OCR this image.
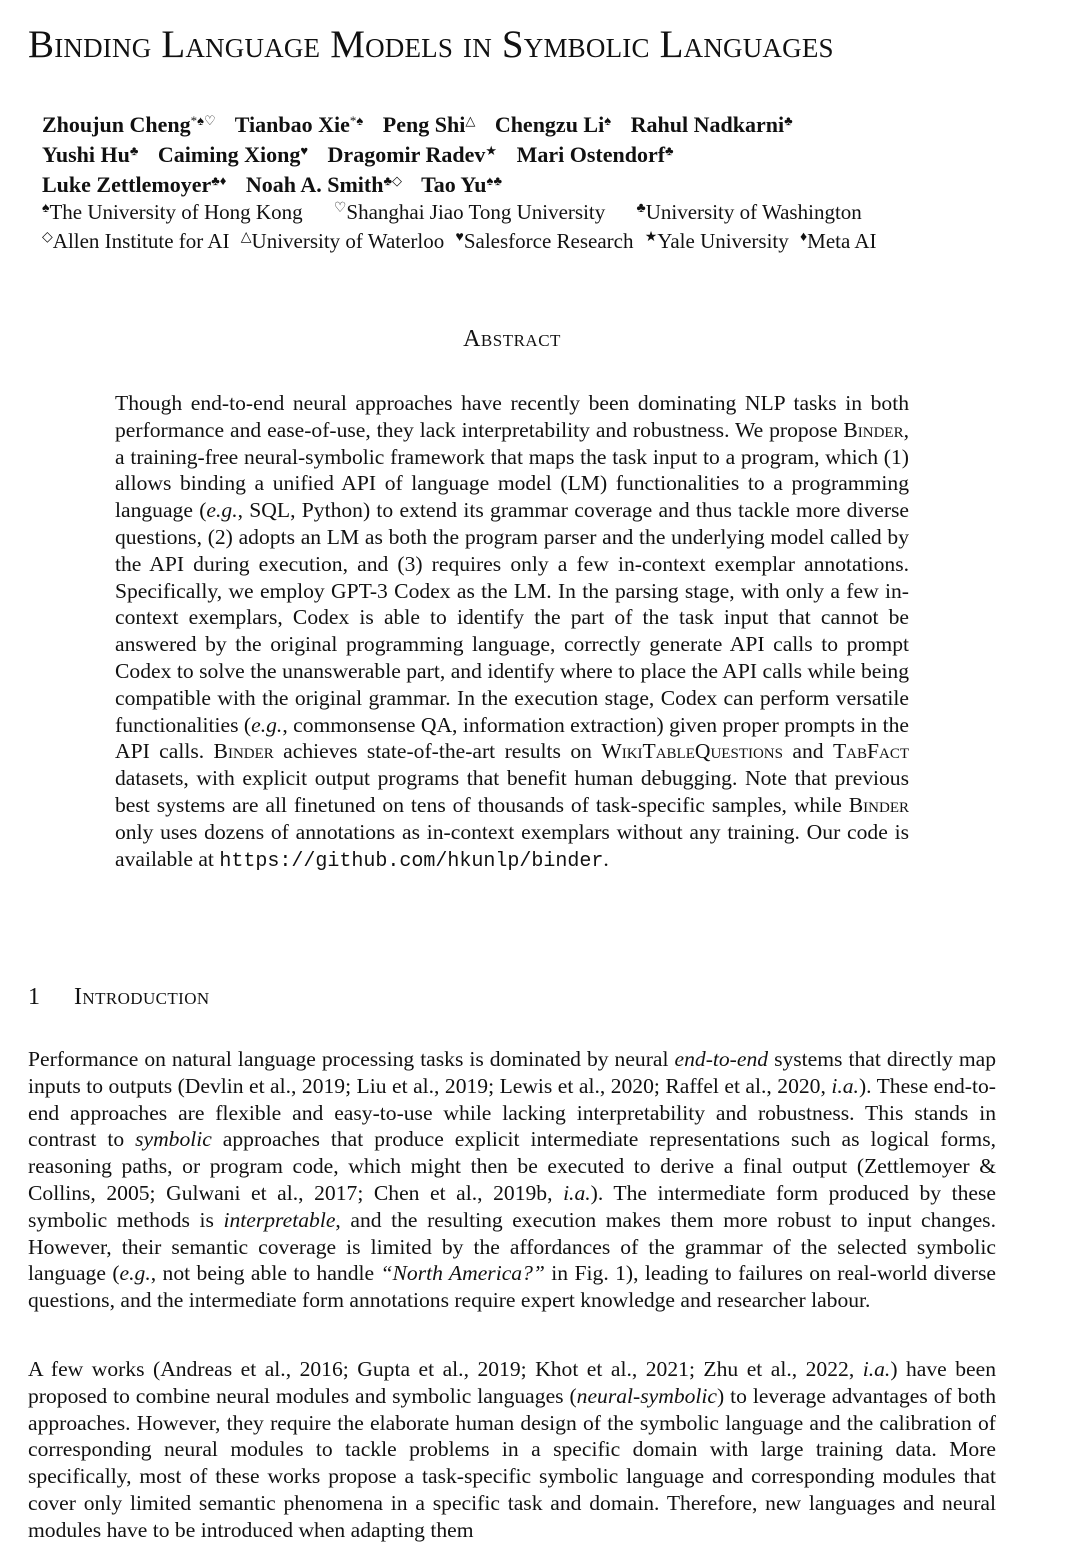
Binding Language Models in Symbolic Languages
Zhoujun Cheng*♠♡ Tianbao Xie*♠ Peng Shi△ Chengzu Li♠ Rahul Nadkarni♣
Yushi Hu♣ Caiming Xiong♥ Dragomir Radev★ Mari Ostendorf♣
Luke Zettlemoyer♣♦ Noah A. Smith♣◇ Tao Yu♠♣
♠The University of Hong Kong ♡Shanghai Jiao Tong University ♣University of Washington
◇Allen Institute for AI △University of Waterloo ♥Salesforce Research ★Yale University ♦Meta AI
Abstract
Though end-to-end neural approaches have recently been dominating NLP tasks in both performance and ease-of-use, they lack interpretability and robustness. We propose Binder, a training-free neural-symbolic framework that maps the task input to a program, which (1) allows binding a unified API of language model (LM) functionalities to a programming language (e.g., SQL, Python) to extend its grammar coverage and thus tackle more diverse questions, (2) adopts an LM as both the program parser and the underlying model called by the API during execution, and (3) requires only a few in-context exemplar annotations. Specifically, we employ GPT-3 Codex as the LM. In the parsing stage, with only a few in-context exemplars, Codex is able to identify the part of the task input that cannot be answered by the original programming language, correctly generate API calls to prompt Codex to solve the unanswerable part, and identify where to place the API calls while being compatible with the original grammar. In the execution stage, Codex can perform versatile functionalities (e.g., commonsense QA, information extraction) given proper prompts in the API calls. Binder achieves state-of-the-art results on WikiTableQuestions and TabFact datasets, with explicit output programs that benefit human debugging. Note that previous best systems are all finetuned on tens of thousands of task-specific samples, while Binder only uses dozens of annotations as in-context exemplars without any training. Our code is available at https://github.com/hkunlp/binder.
1 Introduction
Performance on natural language processing tasks is dominated by neural end-to-end systems that directly map inputs to outputs (Devlin et al., 2019; Liu et al., 2019; Lewis et al., 2020; Raffel et al., 2020, i.a.). These end-to-end approaches are flexible and easy-to-use while lacking interpretability and robustness. This stands in contrast to symbolic approaches that produce explicit intermediate representations such as logical forms, reasoning paths, or program code, which might then be executed to derive a final output (Zettlemoyer & Collins, 2005; Gulwani et al., 2017; Chen et al., 2019b, i.a.). The intermediate form produced by these symbolic methods is interpretable, and the resulting execution makes them more robust to input changes. However, their semantic coverage is limited by the affordances of the grammar of the selected symbolic language (e.g., not being able to handle “North America?” in Fig. 1), leading to failures on real-world diverse questions, and the intermediate form annotations require expert knowledge and researcher labour.
A few works (Andreas et al., 2016; Gupta et al., 2019; Khot et al., 2021; Zhu et al., 2022, i.a.) have been proposed to combine neural modules and symbolic languages (neural-symbolic) to leverage advantages of both approaches. However, they require the elaborate human design of the symbolic language and the calibration of corresponding neural modules to tackle problems in a specific domain with large training data. More specifically, most of these works propose a task-specific symbolic language and corresponding modules that cover only limited semantic phenomena in a specific task and domain. Therefore, new languages and neural modules have to be introduced when adapting them
